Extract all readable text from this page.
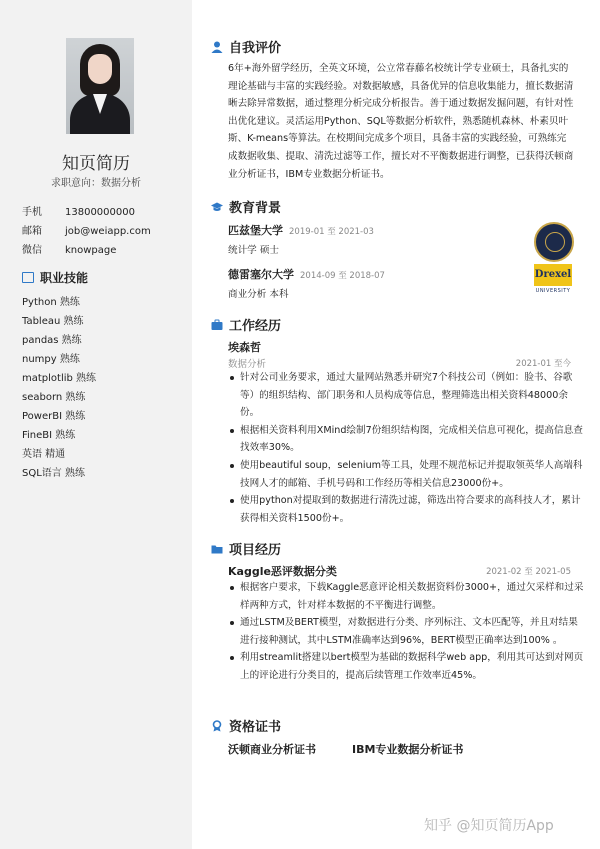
知页简历
求职意向：数据分析
手机 13800000000
邮箱 job@weiapp.com
微信 knowpage
职业技能
Python 熟练
Tableau 熟练
pandas 熟练
numpy 熟练
matplotlib 熟练
seaborn 熟练
PowerBI 熟练
FineBI 熟练
英语 精通
SQL语言 熟练
自我评价

6年+海外留学经历，全英文环境，公立常春藤名校统计学专业硕士，具备扎实的理论基础与丰富的实践经验。对数据敏感，具备优异的信息收集能力，擅长数据清晰去除异常数据，通过整理分析完成分析报告。善于通过数据发掘问题，有针对性出优化建议。灵活运用Python、SQL等数据分析软件，熟悉随机森林、朴素贝叶斯、K-means等算法。在校期间完成多个项目，具备丰富的实践经验，可熟练完成数据收集、提取、清洗过滤等工作，擅长对不平衡数据进行调整，已获得沃顿商业分析证书，IBM专业数据分析证书。

教育背景
匹兹堡大学 2019-01 至 2021-03
统计学 硕士
德雷塞尔大学 2014-09 至 2018-07
商业分析 本科
Drexel
UNIVERSITY
工作经历
埃森哲
数据分析	2021-01 至今
针对公司业务要求，通过大量网站熟悉并研究7个科技公司（例如：脸书、谷歌等）的组织结构、部门职务和人员构成等信息，整理筛选出相关资料48000余份。
根据相关资料利用XMind绘制7份组织结构图，完成相关信息可视化，提高信息查找效率30%。
使用beautiful soup，selenium等工具，处理不规范标记并提取领英华人高端科技网人才的邮箱、手机号码和工作经历等相关信息23000份+。
使用python对提取到的数据进行清洗过滤，筛选出符合要求的高科技人才，累计获得相关资料1500份+。
项目经历
Kaggle恶评数据分类	2021-02 至 2021-05
根据客户要求，下载Kaggle恶意评论相关数据资料份3000+，通过欠采样和过采样两种方式，针对样本数据的不平衡进行调整。
通过LSTM及BERT模型，对数据进行分类、序列标注、文本匹配等，并且对结果进行接种测试，其中LSTM准确率达到96%，BERT模型正确率达到100% 。
利用streamlit搭建以bert模型为基础的数据科学web app，利用其可达到对网页上的评论进行分类目的，提高后续管理工作效率近45%。
资格证书
沃顿商业分析证书	IBM专业数据分析证书
知乎 @知页简历App
